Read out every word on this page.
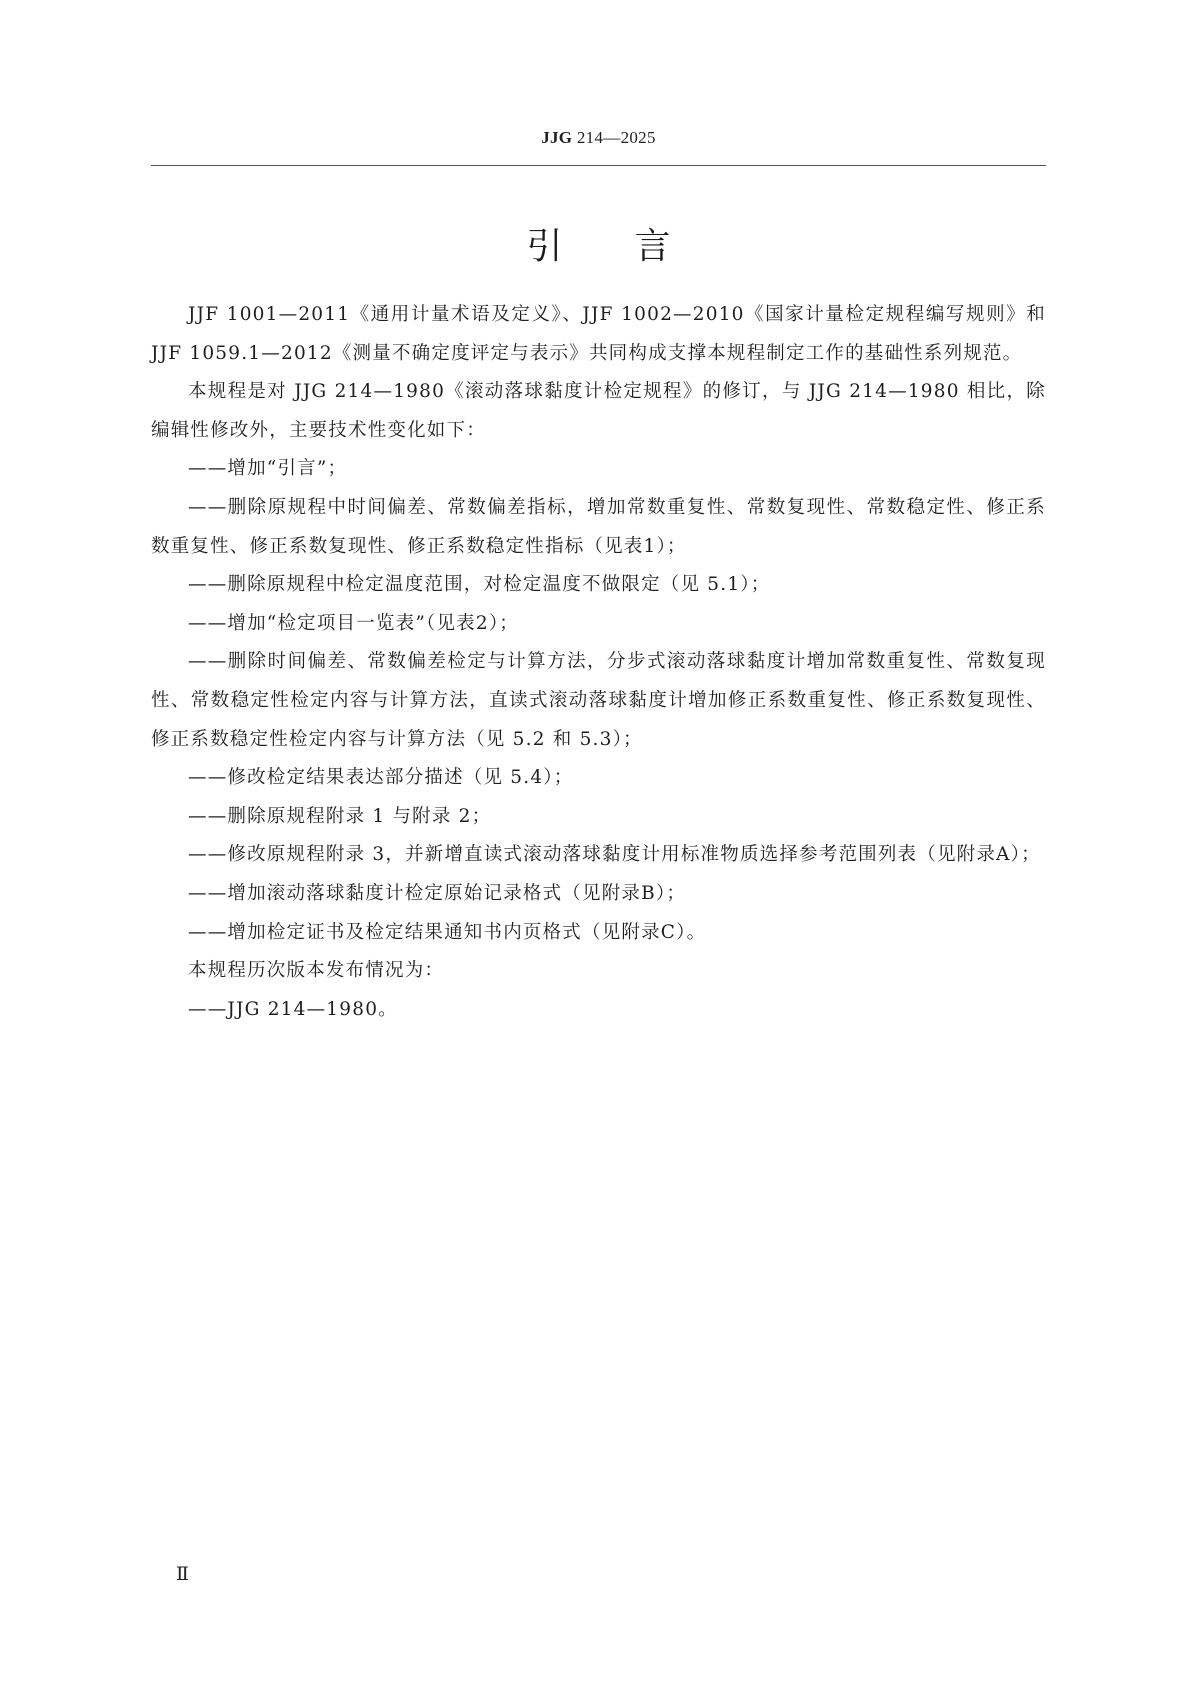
JJG 214—2025
引 言

JJF 1001—2011《通用计量术语及定义》、JJF 1002—2010《国家计量检定规程编写规则》和 JJF 1059.1—2012《测量不确定度评定与表示》共同构成支撑本规程制定工作的基础性系列规范。

本规程是对 JJG 214—1980《滚动落球黏度计检定规程》的修订，与 JJG 214—1980 相比，除编辑性修改外，主要技术性变化如下：

——增加“引言”；

——删除原规程中时间偏差、常数偏差指标，增加常数重复性、常数复现性、常数稳定性、修正系数重复性、修正系数复现性、修正系数稳定性指标（见表1）；

——删除原规程中检定温度范围，对检定温度不做限定（见 5.1）；

——增加“检定项目一览表”（见表2）；

——删除时间偏差、常数偏差检定与计算方法，分步式滚动落球黏度计增加常数重复性、常数复现性、常数稳定性检定内容与计算方法，直读式滚动落球黏度计增加修正系数重复性、修正系数复现性、修正系数稳定性检定内容与计算方法（见 5.2 和 5.3）；

——修改检定结果表达部分描述（见 5.4）；

——删除原规程附录 1 与附录 2；

——修改原规程附录 3，并新增直读式滚动落球黏度计用标准物质选择参考范围列表（见附录A）；

——增加滚动落球黏度计检定原始记录格式（见附录B）；

——增加检定证书及检定结果通知书内页格式（见附录C）。

本规程历次版本发布情况为：

——JJG 214—1980。

Ⅱ
